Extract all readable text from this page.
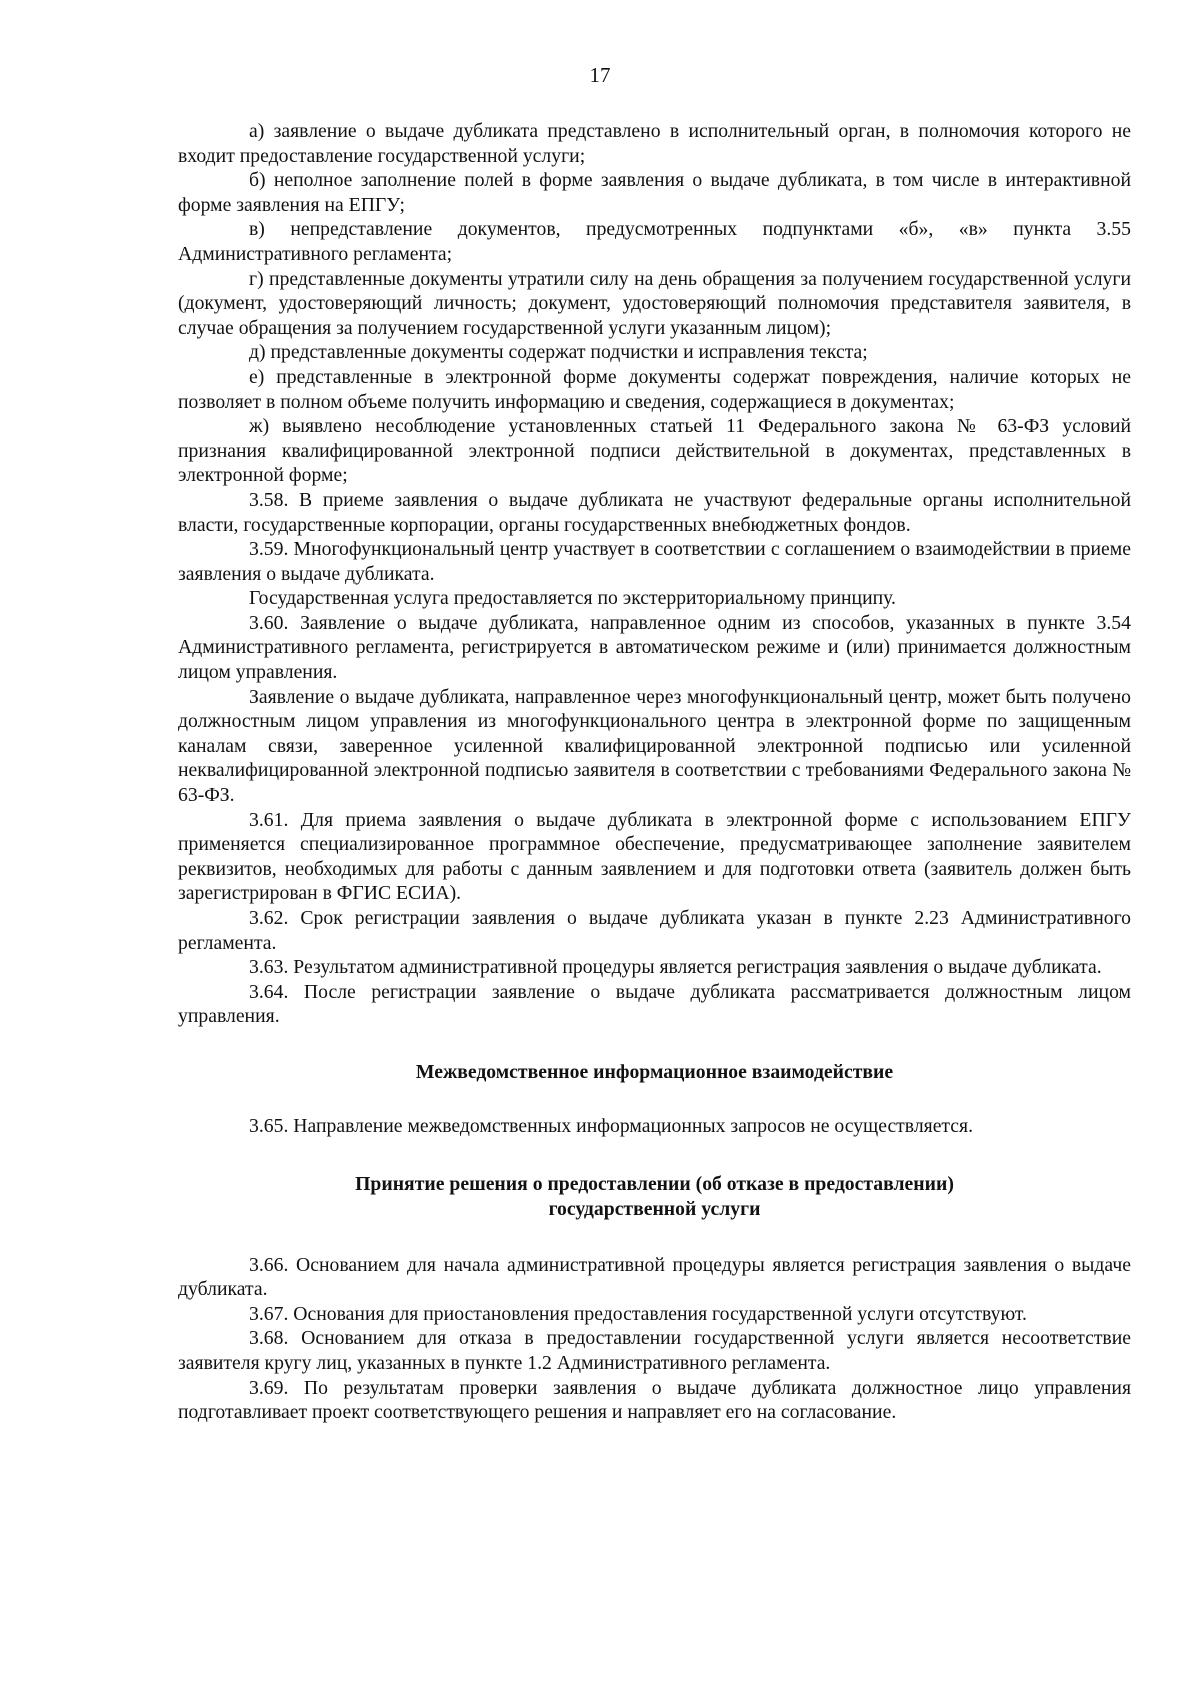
17

а) заявление о выдаче дубликата представлено в исполнительный орган, в полномочия которого не входит предоставление государственной услуги;

б) неполное заполнение полей в форме заявления о выдаче дубликата, в том числе в интерактивной форме заявления на ЕПГУ;

в) непредставление документов, предусмотренных подпунктами «б», «в» пункта 3.55 Административного регламента;

г) представленные документы утратили силу на день обращения за получением государственной услуги (документ, удостоверяющий личность; документ, удостоверяющий полномочия представителя заявителя, в случае обращения за получением государственной услуги указанным лицом);

д) представленные документы содержат подчистки и исправления текста;

е) представленные в электронной форме документы содержат повреждения, наличие которых не позволяет в полном объеме получить информацию и сведения, содержащиеся в документах;

ж) выявлено несоблюдение установленных статьей 11 Федерального закона № 63-ФЗ условий признания квалифицированной электронной подписи действительной в документах, представленных в электронной форме;

3.58. В приеме заявления о выдаче дубликата не участвуют федеральные органы исполнительной власти, государственные корпорации, органы государственных внебюджетных фондов.

3.59. Многофункциональный центр участвует в соответствии с соглашением о взаимодействии в приеме заявления о выдаче дубликата.

Государственная услуга предоставляется по экстерриториальному принципу.

3.60. Заявление о выдаче дубликата, направленное одним из способов, указанных в пункте 3.54 Административного регламента, регистрируется в автоматическом режиме и (или) принимается должностным лицом управления.

Заявление о выдаче дубликата, направленное через многофункциональный центр, может быть получено должностным лицом управления из многофункционального центра в электронной форме по защищенным каналам связи, заверенное усиленной квалифицированной электронной подписью или усиленной неквалифицированной электронной подписью заявителя в соответствии с требованиями Федерального закона № 63-ФЗ.

3.61. Для приема заявления о выдаче дубликата в электронной форме с использованием ЕПГУ применяется специализированное программное обеспечение, предусматривающее заполнение заявителем реквизитов, необходимых для работы с данным заявлением и для подготовки ответа (заявитель должен быть зарегистрирован в ФГИС ЕСИА).

3.62. Срок регистрации заявления о выдаче дубликата указан в пункте 2.23 Административного регламента.

3.63. Результатом административной процедуры является регистрация заявления о выдаче дубликата.

3.64. После регистрации заявление о выдаче дубликата рассматривается должностным лицом управления.

Межведомственное информационное взаимодействие

3.65. Направление межведомственных информационных запросов не осуществляется.

Принятие решения о предоставлении (об отказе в предоставлении)
государственной услуги

3.66. Основанием для начала административной процедуры является регистрация заявления о выдаче дубликата.

3.67. Основания для приостановления предоставления государственной услуги отсутствуют.

3.68. Основанием для отказа в предоставлении государственной услуги является несоответствие заявителя кругу лиц, указанных в пункте 1.2 Административного регламента.

3.69. По результатам проверки заявления о выдаче дубликата должностное лицо управления подготавливает проект соответствующего решения и направляет его на согласование.
